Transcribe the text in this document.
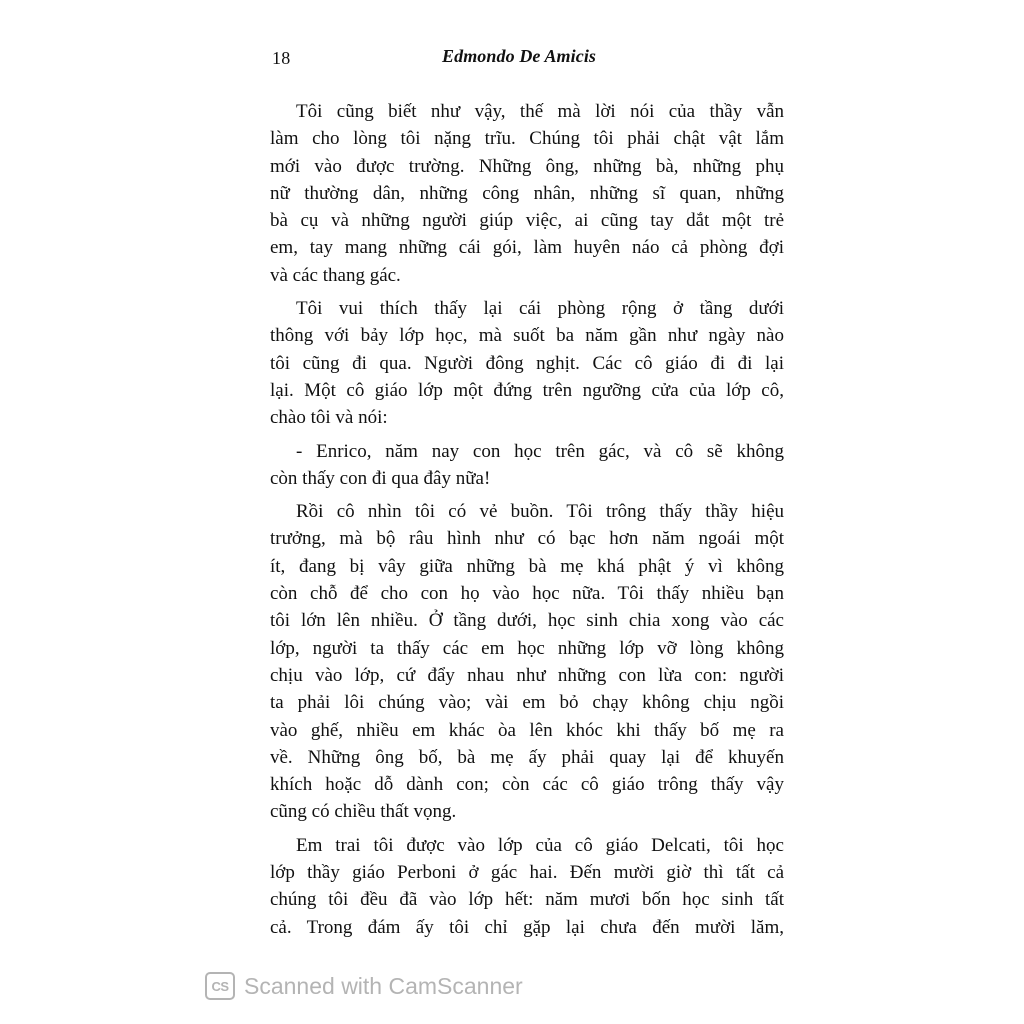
18	Edmondo De Amicis

Tôi cũng biết như vậy, thế mà lời nói của thầy vẫn
làm cho lòng tôi nặng trĩu. Chúng tôi phải chật vật lắm
mới vào được trường. Những ông, những bà, những phụ
nữ thường dân, những công nhân, những sĩ quan, những
bà cụ và những người giúp việc, ai cũng tay dắt một trẻ
em, tay mang những cái gói, làm huyên náo cả phòng đợi
và các thang gác.

Tôi vui thích thấy lại cái phòng rộng ở tầng dưới
thông với bảy lớp học, mà suốt ba năm gần như ngày nào
tôi cũng đi qua. Người đông nghịt. Các cô giáo đi đi lại
lại. Một cô giáo lớp một đứng trên ngưỡng cửa của lớp cô,
chào tôi và nói:

- Enrico, năm nay con học trên gác, và cô sẽ không
còn thấy con đi qua đây nữa!

Rồi cô nhìn tôi có vẻ buồn. Tôi trông thấy thầy hiệu
trưởng, mà bộ râu hình như có bạc hơn năm ngoái một
ít, đang bị vây giữa những bà mẹ khá phật ý vì không
còn chỗ để cho con họ vào học nữa. Tôi thấy nhiều bạn
tôi lớn lên nhiều. Ở tầng dưới, học sinh chia xong vào các
lớp, người ta thấy các em học những lớp vỡ lòng không
chịu vào lớp, cứ đẩy nhau như những con lừa con: người
ta phải lôi chúng vào; vài em bỏ chạy không chịu ngồi
vào ghế, nhiều em khác òa lên khóc khi thấy bố mẹ ra
về. Những ông bố, bà mẹ ấy phải quay lại để khuyến
khích hoặc dỗ dành con; còn các cô giáo trông thấy vậy
cũng có chiều thất vọng.

Em trai tôi được vào lớp của cô giáo Delcati, tôi học
lớp thầy giáo Perboni ở gác hai. Đến mười giờ thì tất cả
chúng tôi đều đã vào lớp hết: năm mươi bốn học sinh tất
cả. Trong đám ấy tôi chỉ gặp lại chưa đến mười lăm,

CS Scanned with CamScanner
